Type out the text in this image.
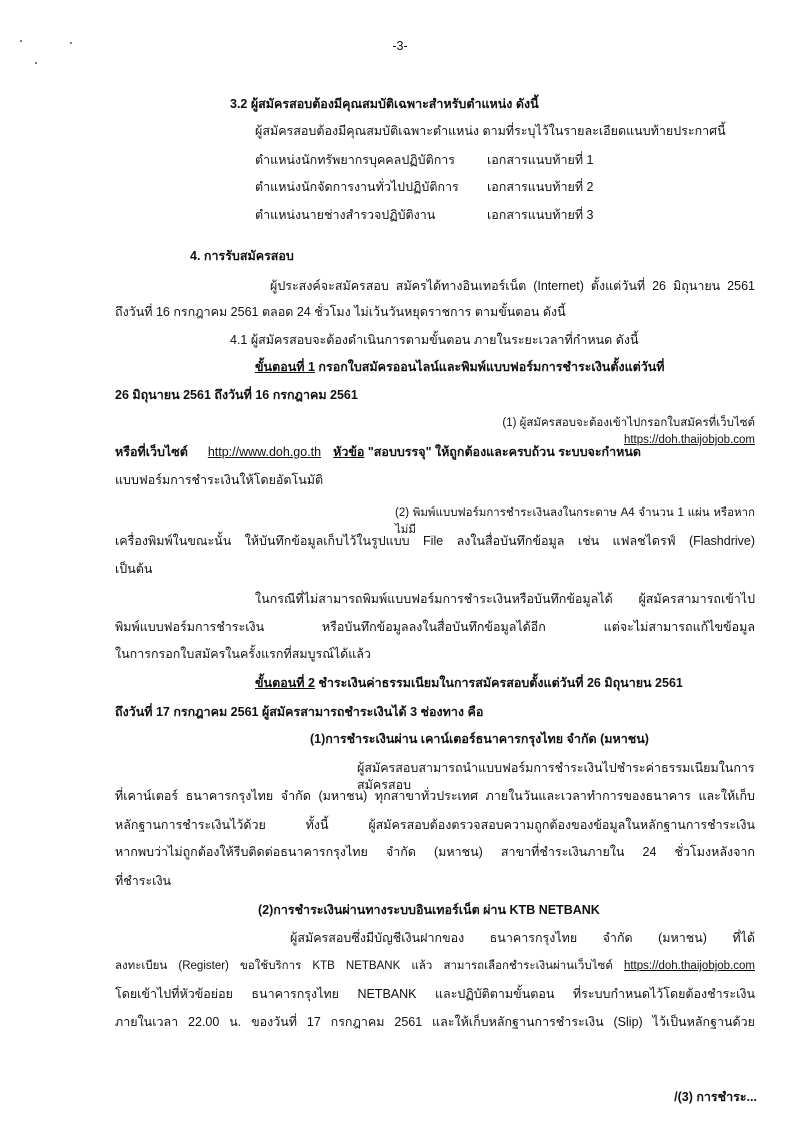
-3-
3.2 ผู้สมัครสอบต้องมีคุณสมบัติเฉพาะสำหรับตำแหน่ง ดังนี้
ผู้สมัครสอบต้องมีคุณสมบัติเฉพาะตำแหน่ง ตามที่ระบุไว้ในรายละเอียดแนบท้ายประกาศนี้
ตำแหน่งนักทรัพยากรบุคคลปฏิบัติการ	เอกสารแนบท้ายที่ 1
ตำแหน่งนักจัดการงานทั่วไปปฏิบัติการ	เอกสารแนบท้ายที่ 2
ตำแหน่งนายช่างสำรวจปฏิบัติงาน	เอกสารแนบท้ายที่ 3
4. การรับสมัครสอบ
ผู้ประสงค์จะสมัครสอบ สมัครได้ทางอินเทอร์เน็ต (Internet) ตั้งแต่วันที่ 26 มิถุนายน 2561
ถึงวันที่ 16 กรกฎาคม 2561 ตลอด 24 ชั่วโมง ไม่เว้นวันหยุดราชการ ตามขั้นตอน ดังนี้
4.1 ผู้สมัครสอบจะต้องดำเนินการตามขั้นตอน ภายในระยะเวลาที่กำหนด ดังนี้
ขั้นตอนที่ 1 กรอกใบสมัครออนไลน์และพิมพ์แบบฟอร์มการชำระเงินตั้งแต่วันที่
26 มิถุนายน 2561 ถึงวันที่ 16 กรกฎาคม 2561
(1) ผู้สมัครสอบจะต้องเข้าไปกรอกใบสมัครที่เว็บไซต์ https://doh.thaijobjob.com
หรือที่เว็บไซต์ http://www.doh.go.th หัวข้อ "สอบบรรจุ" ให้ถูกต้องและครบถ้วน ระบบจะกำหนด
แบบฟอร์มการชำระเงินให้โดยอัตโนมัติ
(2) พิมพ์แบบฟอร์มการชำระเงินลงในกระดาษ A4 จำนวน 1 แผ่น หรือหากไม่มี
เครื่องพิมพ์ในขณะนั้น ให้บันทึกข้อมูลเก็บไว้ในรูปแบบ File ลงในสื่อบันทึกข้อมูล เช่น แฟลชไดรฟ์ (Flashdrive)
เป็นต้น
ในกรณีที่ไม่สามารถพิมพ์แบบฟอร์มการชำระเงินหรือบันทึกข้อมูลได้ ผู้สมัครสามารถเข้าไป
พิมพ์แบบฟอร์มการชำระเงิน หรือบันทึกข้อมูลลงในสื่อบันทึกข้อมูลได้อีก แต่จะไม่สามารถแก้ไขข้อมูล
ในการกรอกใบสมัครในครั้งแรกที่สมบูรณ์ได้แล้ว
ขั้นตอนที่ 2 ชำระเงินค่าธรรมเนียมในการสมัครสอบตั้งแต่วันที่ 26 มิถุนายน 2561
ถึงวันที่ 17 กรกฎาคม 2561 ผู้สมัครสามารถชำระเงินได้ 3 ช่องทาง คือ
(1)การชำระเงินผ่าน เคาน์เตอร์ธนาคารกรุงไทย จำกัด (มหาชน)
ผู้สมัครสอบสามารถนำแบบฟอร์มการชำระเงินไปชำระค่าธรรมเนียมในการสมัครสอบ
ที่เคาน์เตอร์ ธนาคารกรุงไทย จำกัด (มหาชน) ทุกสาขาทั่วประเทศ ภายในวันและเวลาทำการของธนาคาร และให้เก็บ
หลักฐานการชำระเงินไว้ด้วย ทั้งนี้ ผู้สมัครสอบต้องตรวจสอบความถูกต้องของข้อมูลในหลักฐานการชำระเงิน
หากพบว่าไม่ถูกต้องให้รีบติดต่อธนาคารกรุงไทย จำกัด (มหาชน) สาขาที่ชำระเงินภายใน 24 ชั่วโมงหลังจาก
ที่ชำระเงิน
(2)การชำระเงินผ่านทางระบบอินเทอร์เน็ต ผ่าน KTB NETBANK
ผู้สมัครสอบซึ่งมีบัญชีเงินฝากของ ธนาคารกรุงไทย จำกัด (มหาชน) ที่ได้
ลงทะเบียน (Register) ขอใช้บริการ KTB NETBANK แล้ว สามารถเลือกชำระเงินผ่านเว็บไซต์ https://doh.thaijobjob.com
โดยเข้าไปที่หัวข้อย่อย ธนาคารกรุงไทย NETBANK และปฏิบัติตามขั้นตอน ที่ระบบกำหนดไว้โดยต้องชำระเงิน
ภายในเวลา 22.00 น. ของวันที่ 17 กรกฎาคม 2561 และให้เก็บหลักฐานการชำระเงิน (Slip) ไว้เป็นหลักฐานด้วย
/(3) การชำระ...
